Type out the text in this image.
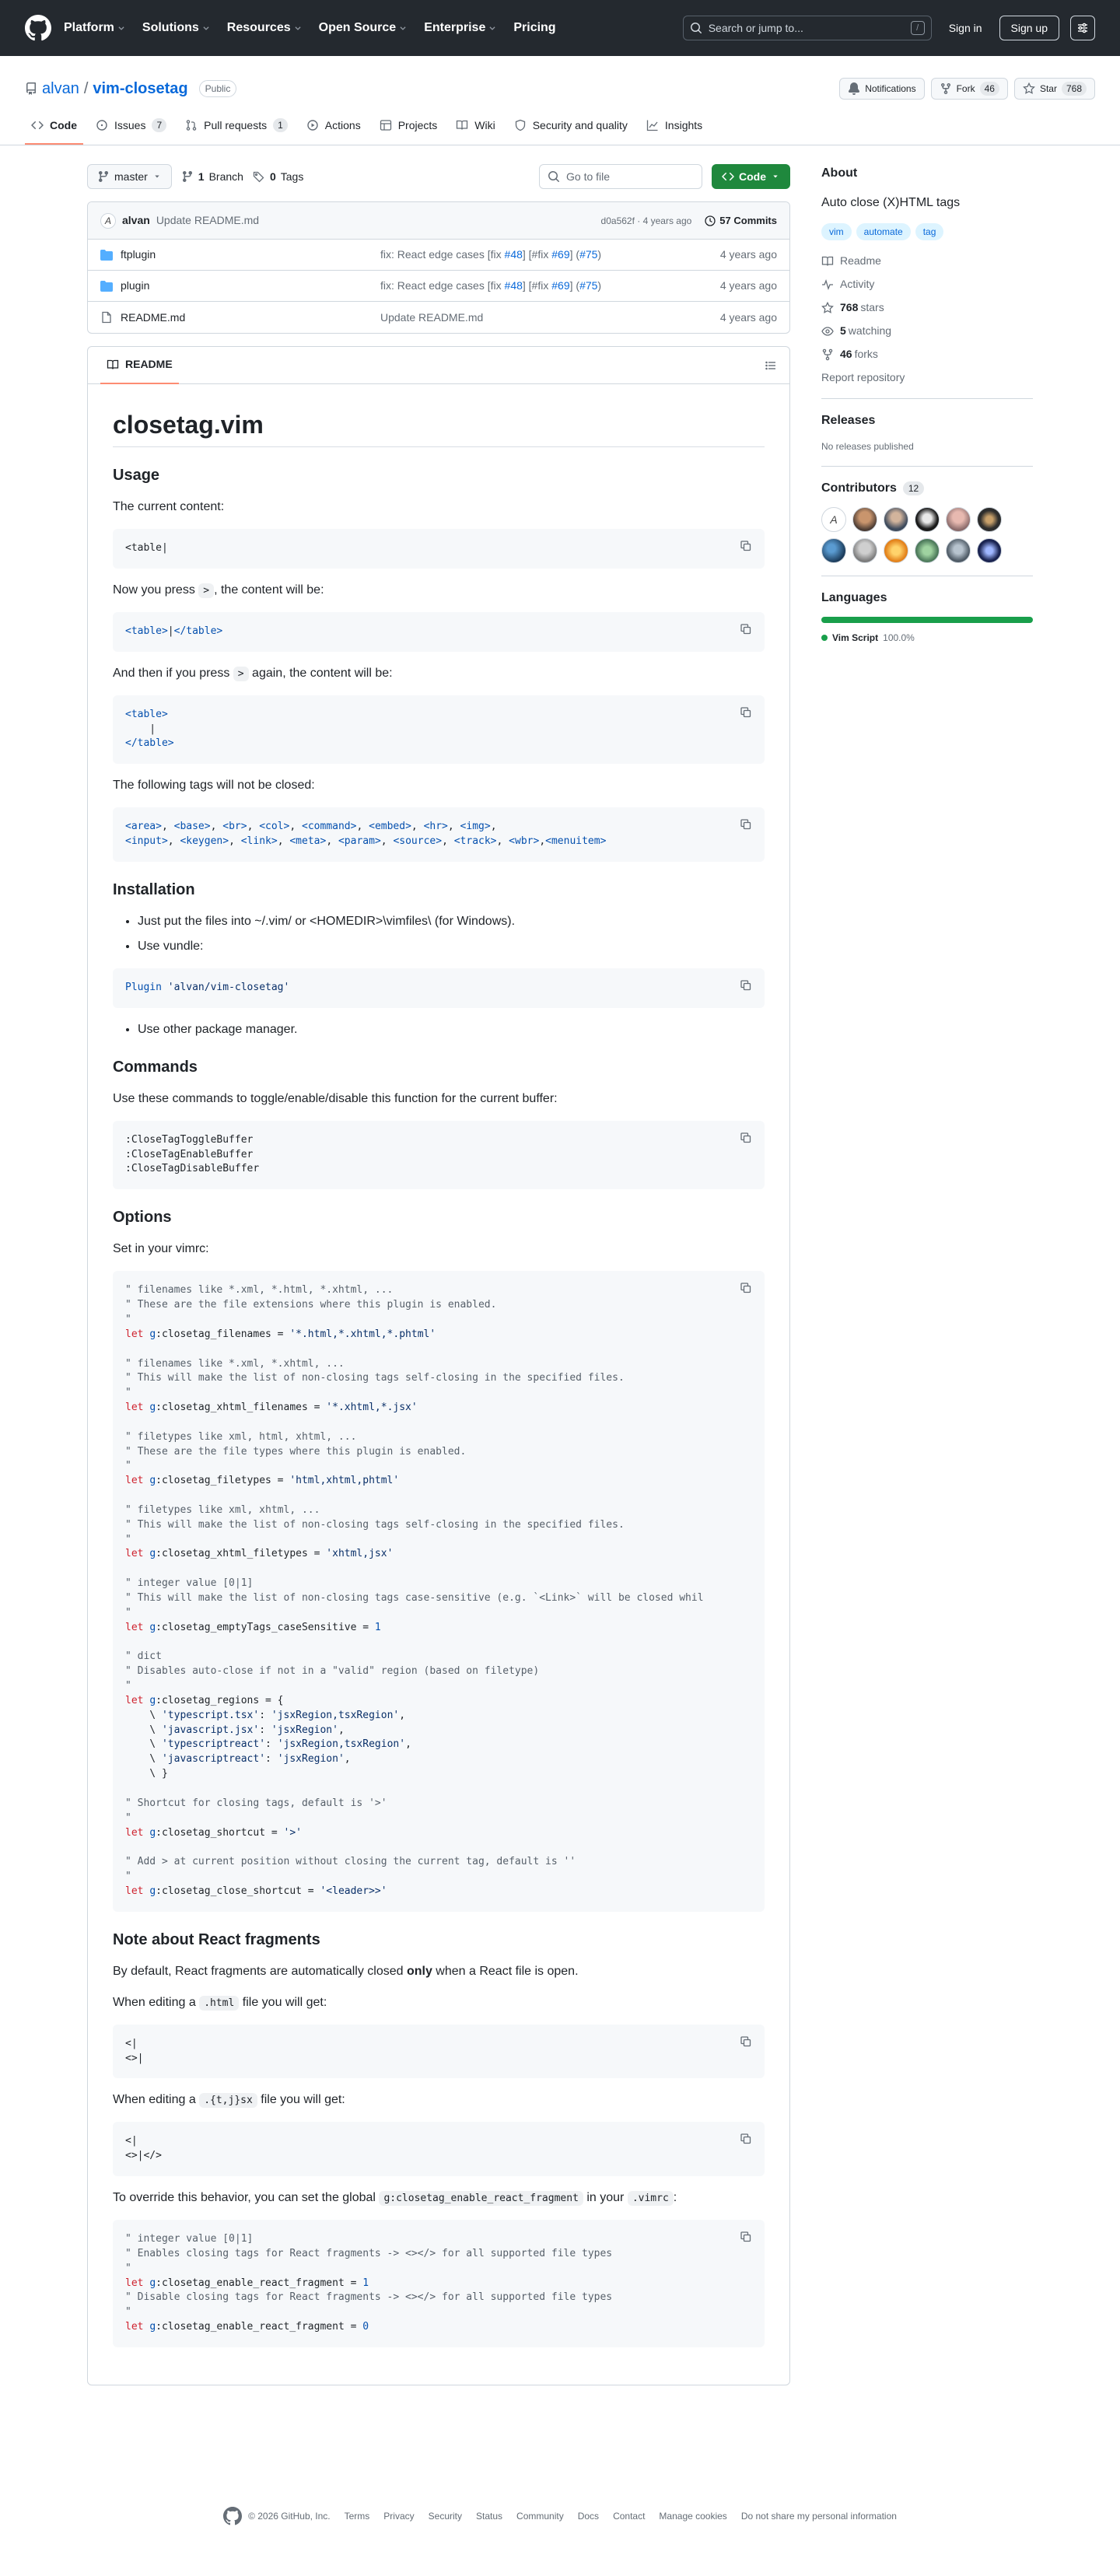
Platform Solutions Resources Open Source Enterprise Pricing	Search or jump to...	/	Sign in	Sign up
alvan / vim-closetag	Public	Notifications	Fork	46	Star	768
Code	Issues	7	Pull requests	1	Actions	Projects	Wiki	Security and quality	Insights
master	1 Branch 0 Tags	Go to file	Code
A	alvan Update README.md	d0a562f · 4 years ago	57 Commits
ftplugin	fix: React edge cases [fix #48] [#fix #69] (#75)	4 years ago
plugin	fix: React edge cases [fix #48] [#fix #69] (#75)	4 years ago
README.md	Update README.md	4 years ago
README
closetag.vim
Usage

The current content:

<table|

Now you press > , the content will be:

<table>|</table>

And then if you press > again, the content will be:

<table>
|
</table>

The following tags will not be closed:

<area>, <base>, <br>, <col>, <command>, <embed>, <hr>, <img>,
<input>, <keygen>, <link>, <meta>, <param>, <source>, <track>, <wbr>,<menuitem>
Installation
• Just put the files into ~/.vim/ or <HOMEDIR>\vimfiles\ (for Windows).
• Use vundle:
Plugin 'alvan/vim-closetag'
• Use other package manager.
Commands

Use these commands to toggle/enable/disable this function for the current buffer:

:CloseTagToggleBuffer
:CloseTagEnableBuffer
:CloseTagDisableBuffer
Options

Set in your vimrc:

" filenames like *.xml, *.html, *.xhtml, ...
" These are the file extensions where this plugin is enabled.
"
let g:closetag_filenames = '*.html,*.xhtml,*.phtml'

" filenames like *.xml, *.xhtml, ...
" This will make the list of non-closing tags self-closing in the specified files.
"
let g:closetag_xhtml_filenames = '*.xhtml,*.jsx'

" filetypes like xml, html, xhtml, ...
" These are the file types where this plugin is enabled.
"
let g:closetag_filetypes = 'html,xhtml,phtml'

" filetypes like xml, xhtml, ...
" This will make the list of non-closing tags self-closing in the specified files.
"
let g:closetag_xhtml_filetypes = 'xhtml,jsx'

" integer value [0|1]
" This will make the list of non-closing tags case-sensitive (e.g. `<Link>` will be closed whil
"
let g:closetag_emptyTags_caseSensitive = 1

" dict
" Disables auto-close if not in a "valid" region (based on filetype)
"
let g:closetag_regions = {
\ 'typescript.tsx': 'jsxRegion,tsxRegion',
\ 'javascript.jsx': 'jsxRegion',
\ 'typescriptreact': 'jsxRegion,tsxRegion',
\ 'javascriptreact': 'jsxRegion',
\ }

" Shortcut for closing tags, default is '>'
"
let g:closetag_shortcut = '>'

" Add > at current position without closing the current tag, default is ''
"
let g:closetag_close_shortcut = '<leader>>'
Note about React fragments

By default, React fragments are automatically closed only when a React file is open.

When editing a .html file you will get:

<|
<>|

When editing a .{t,j}sx file you will get:

<|
<>|</>

To override this behavior, you can set the global g:closetag_enable_react_fragment in your .vimrc :

" integer value [0|1]
" Enables closing tags for React fragments -> <></> for all supported file types
"
let g:closetag_enable_react_fragment = 1
" Disable closing tags for React fragments -> <></> for all supported file types
"
let g:closetag_enable_react_fragment = 0
About

Auto close (X)HTML tags

vim	automate	tag
Readme
Activity
768 stars
5 watching
46 forks
Report repository
Releases
No releases published
Contributors	12
A
Languages
Vim Script 100.0%
© 2026 GitHub, Inc. Terms Privacy Security Status Community Docs Contact Manage cookies Do not share my personal information
